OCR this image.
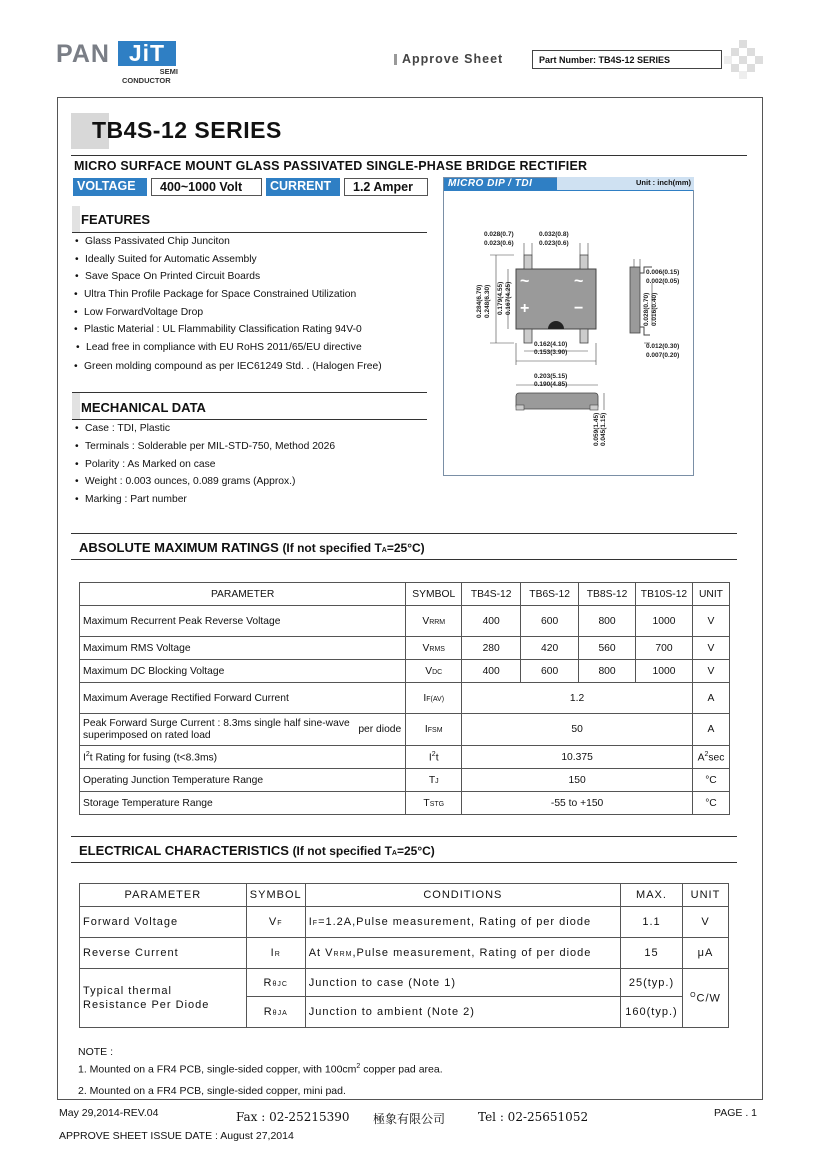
PAN JiT
SEMI
CONDUCTOR
Approve Sheet	Part Number: TB4S-12 SERIES
TB4S-12 SERIES
MICRO SURFACE MOUNT GLASS PASSIVATED SINGLE-PHASE BRIDGE RECTIFIER
VOLTAGE	400~1000 Volt	CURRENT	1.2 Amper
FEATURES
• Glass Passivated Chip Junciton
• Ideally Suited for Automatic Assembly
• Save Space On Printed Circuit Boards
• Ultra Thin Profile Package for Space Constrained Utilization
• Low ForwardVoltage Drop
• Plastic Material : UL Flammability Classification Rating 94V-0
• Lead free in compliance with EU RoHS 2011/65/EU directive
• Green molding compound as per IEC61249 Std. . (Halogen Free)
MECHANICAL DATA
• Case : TDI, Plastic
• Terminals : Solderable per MIL-STD-750, Method 2026
• Polarity : As Marked on case
• Weight : 0.003 ounces, 0.089 grams (Approx.)
• Marking : Part number
MICRO DIP / TDI	Unit : inch(mm)
~	~
+	−
0.028(0.7)
0.023(0.6)
0.032(0.8)
0.023(0.6)
0.006(0.15)
0.002(0.05)
0.284(6.70) 0.248(6.30) 0.179(4.55) 0.167(4.25)	0.028(0.70) 0.016(0.40)
0.162(4.10)
0.153(3.90)
0.012(0.30)
0.007(0.20)
0.203(5.15)
0.190(4.85)
0.059(1.45) 0.045(1.15)
ABSOLUTE MAXIMUM RATINGS (If not specified TA=25°C)
PARAMETER	SYMBOL	TB4S-12	TB6S-12	TB8S-12	TB10S-12	UNIT
Maximum Recurrent Peak Reverse Voltage	VRRM	400	600	800	1000	V
Maximum RMS Voltage	VRMS	280	420	560	700	V
Maximum DC Blocking Voltage	VDC	400	600	800	1000	V
Maximum Average Rectified Forward Current	IF(AV)	1.2				A

Peak Forward Surge Current : 8.3ms single half sine-wave
superimposed on rated load per diode	IFSM	50				A
$I^2t$ Rating for fusing (t<8.3ms)	$I^2t$	10.375				$A^2\sec$
Operating Junction Temperature Range	TJ	150				°C
Storage Temperature Range	TSTG	-55 to +150				°C
ELECTRICAL CHARACTERISTICS (If not specified TA=25°C)
PARAMETER	SYMBOL	CONDITIONS	MAX.	UNIT
Forward Voltage	VF	IF=1.2A,Pulse measurement, Rating of per diode	1.1	V
Reverse Current	IR	At VRRM,Pulse measurement, Rating of per diode	15	μA

Typical thermal
Resistance Per Diode	RθJC	Junction to case (Note 1)	25(typ.)	$^O$C/W
	RθJA	Junction to ambient (Note 2)	160(typ.)	
NOTE :
1. Mounted on a FR4 PCB, single-sided copper, with $100cm^2$ copper pad area.
2. Mounted on a FR4 PCB, single-sided copper, mini pad.
May 29,2014-REV.04	Fax : 02-25215390 極象有限公司	Tel : 02-25651052	PAGE . 1
APPROVE SHEET ISSUE DATE : August 27,2014
